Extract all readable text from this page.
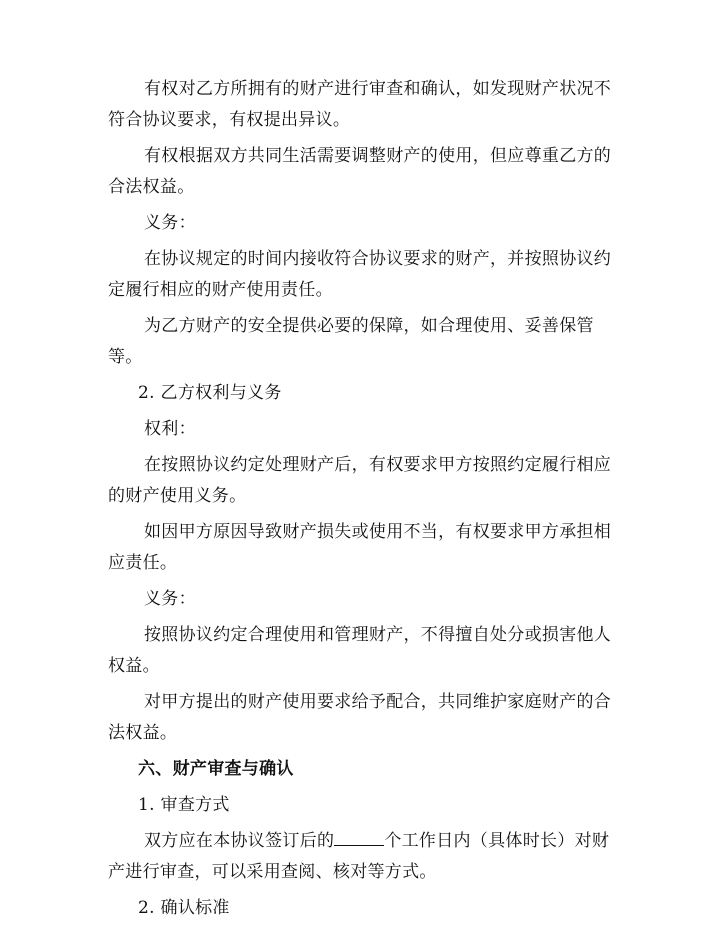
有权对乙方所拥有的财产进行审查和确认，如发现财产状况不符合协议要求，有权提出异议。

有权根据双方共同生活需要调整财产的使用，但应尊重乙方的合法权益。

义务：

在协议规定的时间内接收符合协议要求的财产，并按照协议约定履行相应的财产使用责任。

为乙方财产的安全提供必要的保障，如合理使用、妥善保管等。

2. 乙方权利与义务

权利：

在按照协议约定处理财产后，有权要求甲方按照约定履行相应的财产使用义务。

如因甲方原因导致财产损失或使用不当，有权要求甲方承担相应责任。

义务：

按照协议约定合理使用和管理财产，不得擅自处分或损害他人权益。

对甲方提出的财产使用要求给予配合，共同维护家庭财产的合法权益。

六、财产审查与确认

1. 审查方式

双方应在本协议签订后的	个工作日内（具体时长）对财产进行审查，可以采用查阅、核对等方式。

2. 确认标准
